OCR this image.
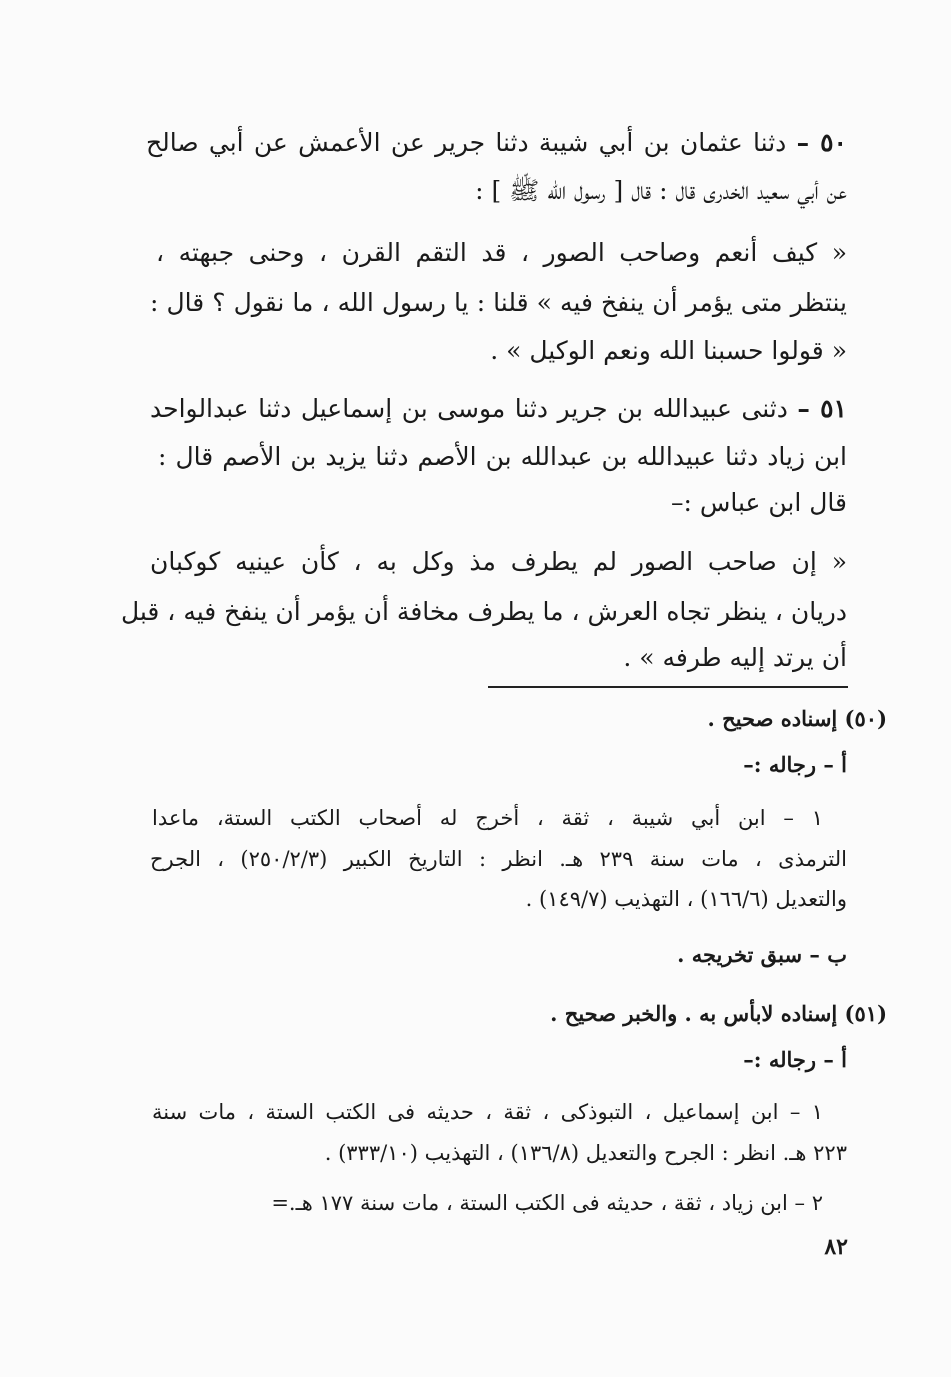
٥٠ – دثنا عثمان بن أبي شيبة دثنا جرير عن الأعمش عن أبي صالح
عن أبي سعيد الخدرى قال : قال [ رسول الله ﷺ ] :
« كيف أنعم وصاحب الصور ، قد التقم القرن ، وحنى جبهته ،
ينتظر متى يؤمر أن ينفخ فيه » قلنا : يا رسول الله ، ما نقول ؟ قال :
« قولوا حسبنا الله ونعم الوكيل » .
٥١ – دثنى عبيدالله بن جرير دثنا موسى بن إسماعيل دثنا عبدالواحد
ابن زياد دثنا عبيدالله بن عبدالله بن الأصم دثنا يزيد بن الأصم قال :
قال ابن عباس :–
« إن صاحب الصور لم يطرف مذ وكل به ، كأن عينيه كوكبان
دريان ، ينظر تجاه العرش ، ما يطرف مخافة أن يؤمر أن ينفخ فيه ، قبل
أن يرتد إليه طرفه » .
(٥٠) إسناده صحيح .
أ – رجاله :–
١ – ابن أبي شيبة ، ثقة ، أخرج له أصحاب الكتب الستة، ماعدا
الترمذى ، مات سنة ٢٣٩ هـ. انظر : التاريخ الكبير (٢٥٠/٢/٣) ، الجرح
والتعديل (١٦٦/٦) ، التهذيب (١٤٩/٧) .
ب – سبق تخريجه .
(٥١) إسناده لابأس به . والخبر صحيح .
أ – رجاله :–
١ – ابن إسماعيل ، التبوذكى ، ثقة ، حديثه فى الكتب الستة ، مات سنة
٢٢٣ هـ. انظر : الجرح والتعديل (١٣٦/٨) ، التهذيب (٣٣٣/١٠) .
٢ – ابن زياد ، ثقة ، حديثه فى الكتب الستة ، مات سنة ١٧٧ هـ.=
٨٢
